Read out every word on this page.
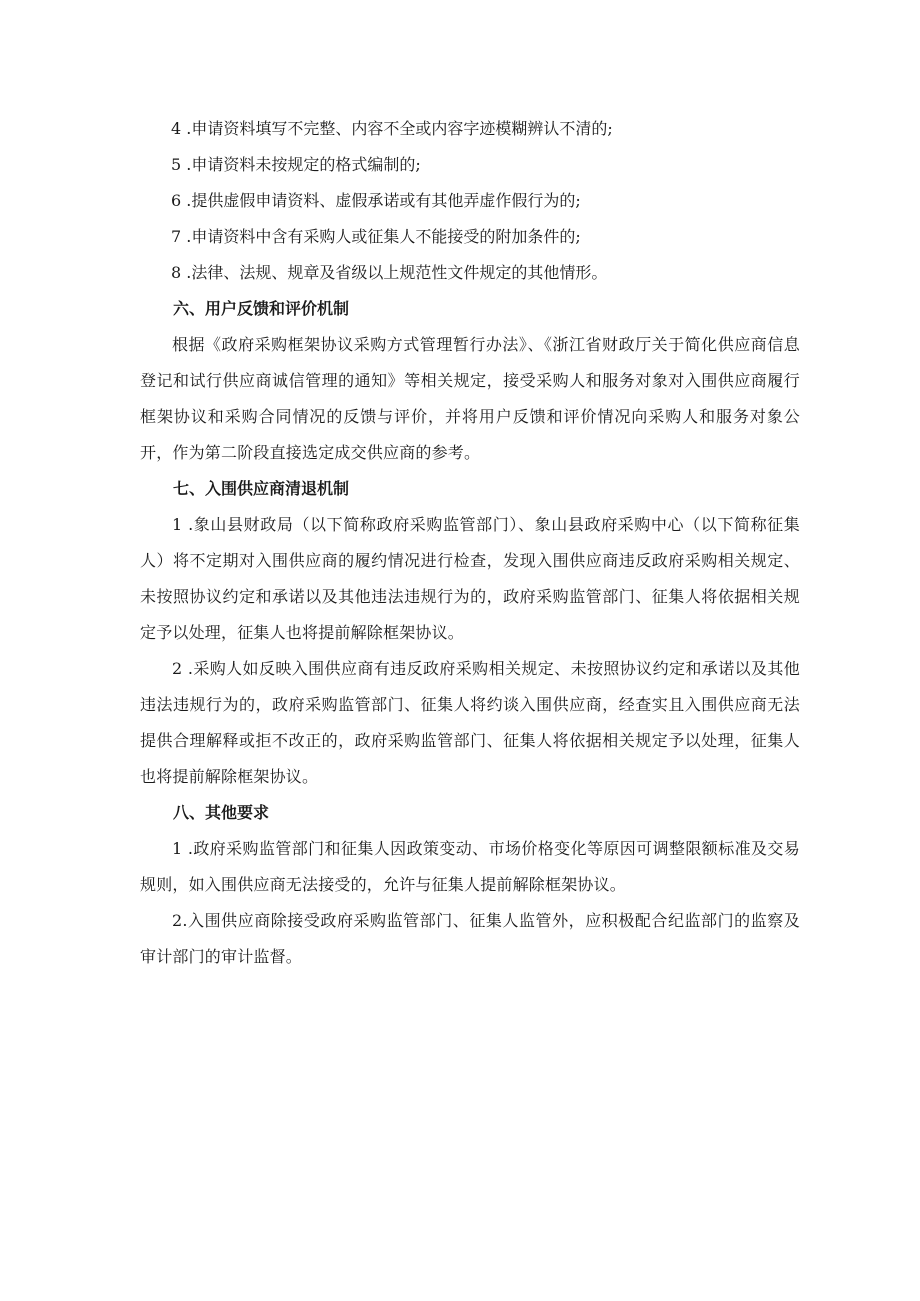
4 .申请资料填写不完整、内容不全或内容字迹模糊辨认不清的;

5 .申请资料未按规定的格式编制的;

6 .提供虚假申请资料、虚假承诺或有其他弄虚作假行为的;

7 .申请资料中含有采购人或征集人不能接受的附加条件的;

8 .法律、法规、规章及省级以上规范性文件规定的其他情形。

六、用户反馈和评价机制

根据《政府采购框架协议采购方式管理暂行办法》、《浙江省财政厅关于简化供应商信息登记和试行供应商诚信管理的通知》等相关规定，接受采购人和服务对象对入围供应商履行框架协议和采购合同情况的反馈与评价，并将用户反馈和评价情况向采购人和服务对象公开，作为第二阶段直接选定成交供应商的参考。

七、入围供应商清退机制

1 .象山县财政局（以下简称政府采购监管部门）、象山县政府采购中心（以下简称征集人）将不定期对入围供应商的履约情况进行检查，发现入围供应商违反政府采购相关规定、未按照协议约定和承诺以及其他违法违规行为的，政府采购监管部门、征集人将依据相关规定予以处理，征集人也将提前解除框架协议。

2 .采购人如反映入围供应商有违反政府采购相关规定、未按照协议约定和承诺以及其他违法违规行为的，政府采购监管部门、征集人将约谈入围供应商，经查实且入围供应商无法提供合理解释或拒不改正的，政府采购监管部门、征集人将依据相关规定予以处理，征集人也将提前解除框架协议。

八、其他要求

1 .政府采购监管部门和征集人因政策变动、市场价格变化等原因可调整限额标准及交易规则，如入围供应商无法接受的，允许与征集人提前解除框架协议。

2.入围供应商除接受政府采购监管部门、征集人监管外，应积极配合纪监部门的监察及审计部门的审计监督。
